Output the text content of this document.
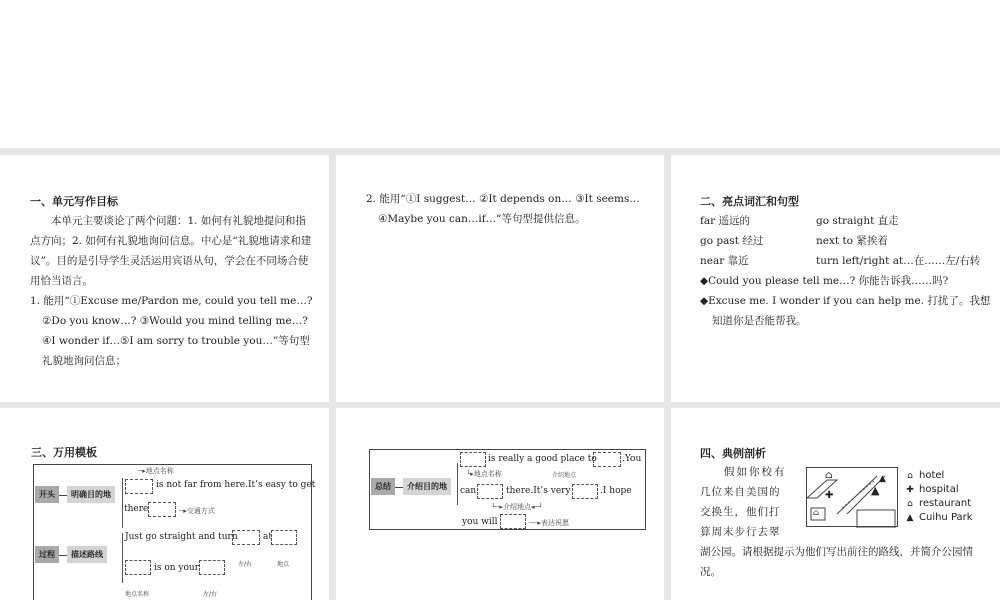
一、单元写作目标
本单元主要谈论了两个问题：1. 如何有礼貌地提问和指点方向；2. 如何有礼貌地询问信息。中心是“礼貌地请求和建议”。目的是引导学生灵活运用宾语从句，学会在不同场合使用恰当语言。
1. 能用“①Excuse me/Pardon me, could you tell me…? ②Do you know…? ③Would you mind telling me…? ④I wonder if…⑤I am sorry to trouble you…”等句型礼貌地询问信息；
2. 能用“①I suggest… ②It depends on… ③It seems… ④Maybe you can…if…”等句型提供信息。
二、亮点词汇和句型
far 遥远的	go straight 直走
go past 经过	next to 紧挨着
near 靠近	turn left/right at…在……左/右转
◆Could you please tell me…? 你能告诉我……吗?
◆Excuse me. I wonder if you can help me. 打扰了。我想知道你是否能帮我。
三、万用模板
开头	明确目的地
┄▸地点名称
is not far from here.It’s easy to get
there	┄▸交通方式
过程	描述路线
Just go straight and turn	at
左/右	地点
is on your
地点名称	左/右
总结	介绍目的地
is really a good place to	.You
└▸地点名称	介绍地点
can	there.It’s very	.I hope
└┄▸介绍地点◂┄┘
you will	┄┄▸表达祝愿
四、典例剖析
假如你校有
几位来自美国的
交换生，他们打
算周末步行去翠
湖公园。请根据提示为他们写出前往的路线，并简介公园情况。
⌂
✚	▲
▲
⌂
⌂ hotel
✚ hospital
⌂ restaurant
▲ Cuihu Park
